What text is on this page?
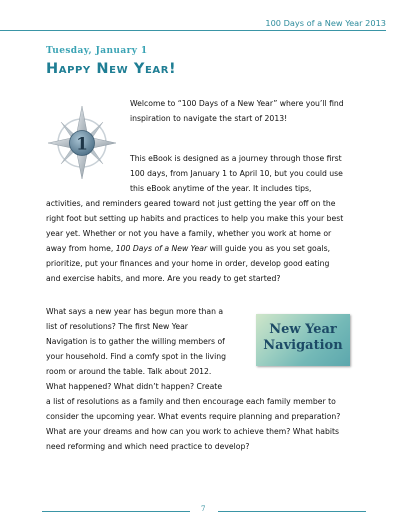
100 Days of a New Year 2013
Tuesday, January 1
Happy New Year!
Welcome to “100 Days of a New Year” where you’ll find
inspiration to navigate the start of 2013!
1
This eBook is designed as a journey through those first
100 days, from January 1 to April 10, but you could use
this eBook anytime of the year. It includes tips,
activities, and reminders geared toward not just getting the year off on the
right foot but setting up habits and practices to help you make this your best
year yet. Whether or not you have a family, whether you work at home or
away from home, 100 Days of a New Year will guide you as you set goals,
prioritize, put your finances and your home in order, develop good eating
and exercise habits, and more. Are you ready to get started?
What says a new year has begun more than a
list of resolutions? The first New Year
Navigation is to gather the willing members of
your household. Find a comfy spot in the living
room or around the table. Talk about 2012.
What happened? What didn’t happen? Create
New Year
Navigation
a list of resolutions as a family and then encourage each family member to
consider the upcoming year. What events require planning and preparation?
What are your dreams and how can you work to achieve them? What habits
need reforming and which need practice to develop?
7
